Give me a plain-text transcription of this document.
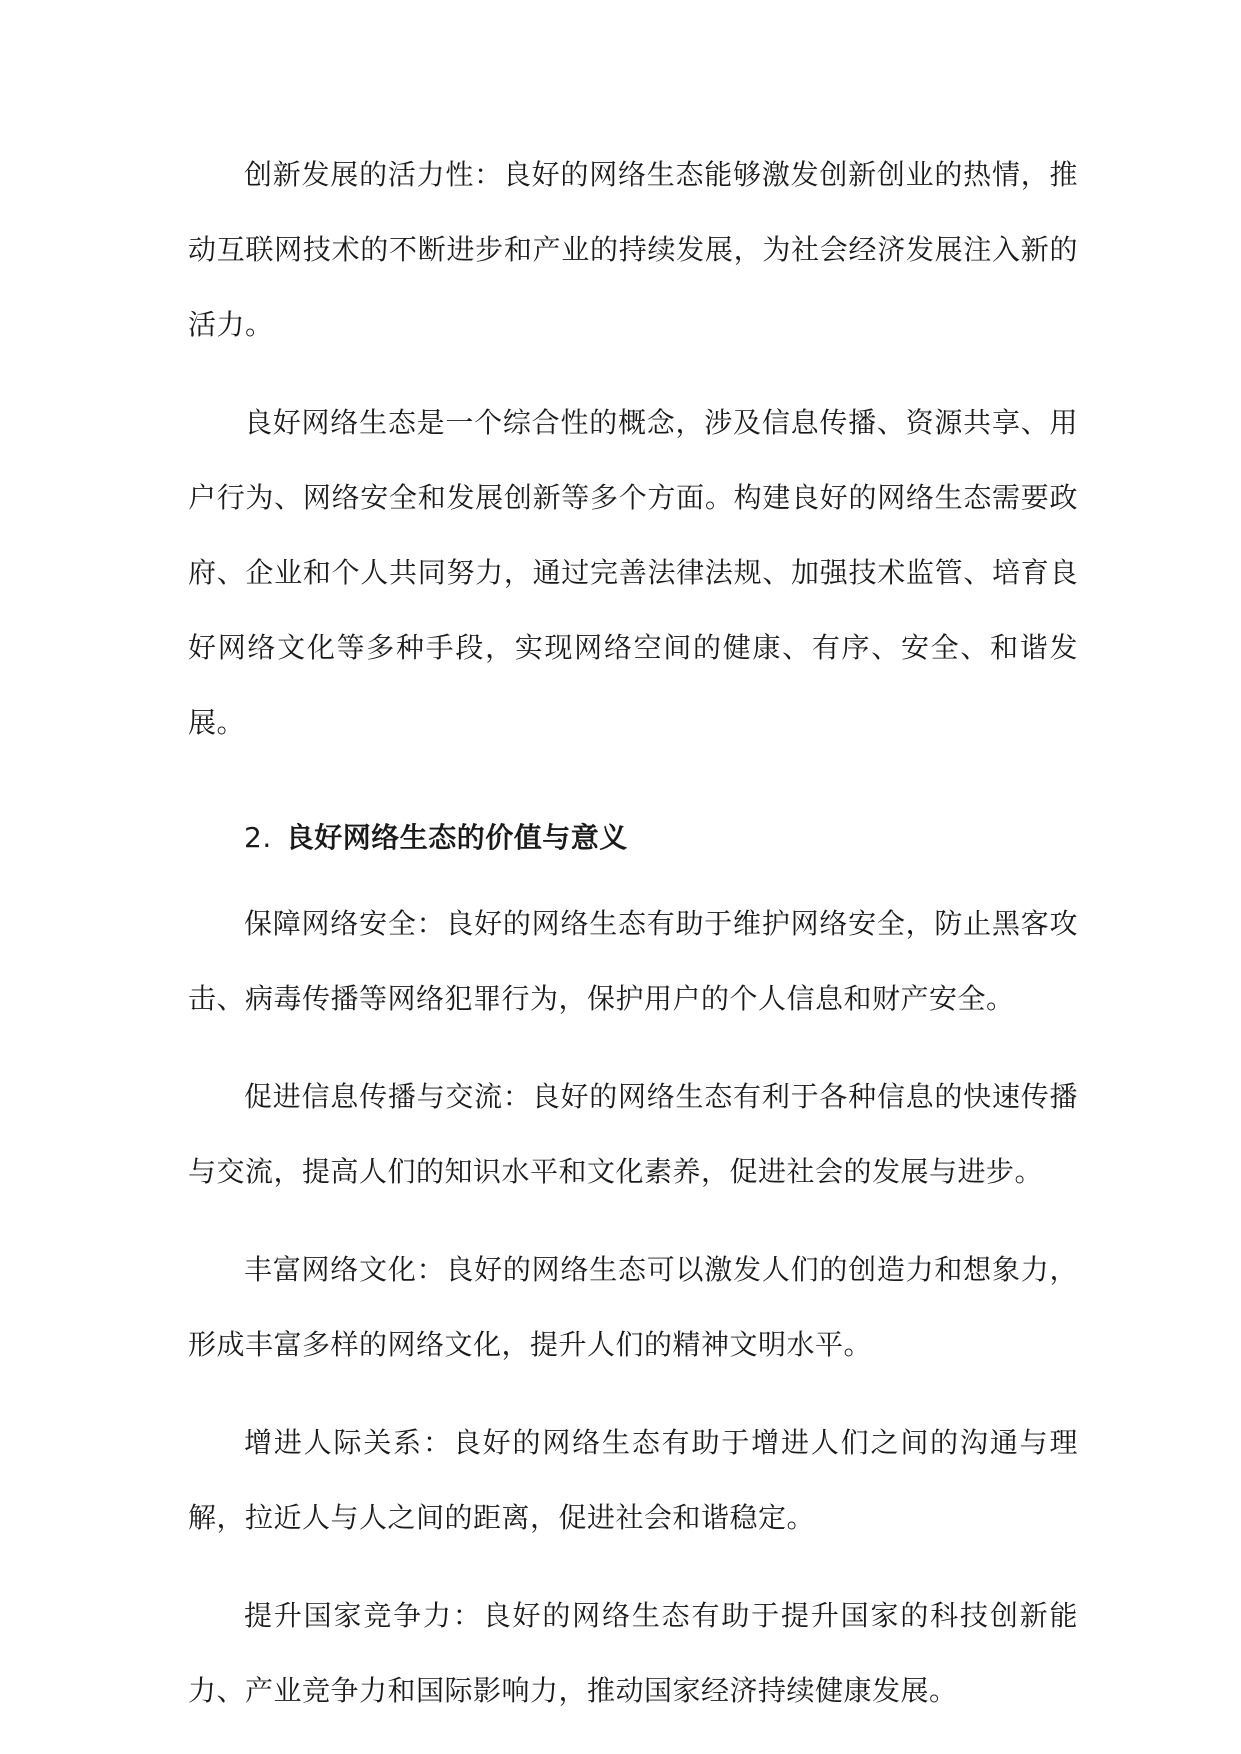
创新发展的活力性：良好的网络生态能够激发创新创业的热情，推动互联网技术的不断进步和产业的持续发展，为社会经济发展注入新的活力。

良好网络生态是一个综合性的概念，涉及信息传播、资源共享、用户行为、网络安全和发展创新等多个方面。构建良好的网络生态需要政府、企业和个人共同努力，通过完善法律法规、加强技术监管、培育良好网络文化等多种手段，实现网络空间的健康、有序、安全、和谐发展。

2. 良好网络生态的价值与意义

保障网络安全：良好的网络生态有助于维护网络安全，防止黑客攻击、病毒传播等网络犯罪行为，保护用户的个人信息和财产安全。

促进信息传播与交流：良好的网络生态有利于各种信息的快速传播与交流，提高人们的知识水平和文化素养，促进社会的发展与进步。

丰富网络文化：良好的网络生态可以激发人们的创造力和想象力，形成丰富多样的网络文化，提升人们的精神文明水平。

增进人际关系：良好的网络生态有助于增进人们之间的沟通与理解，拉近人与人之间的距离，促进社会和谐稳定。

提升国家竞争力：良好的网络生态有助于提升国家的科技创新能力、产业竞争力和国际影响力，推动国家经济持续健康发展。
